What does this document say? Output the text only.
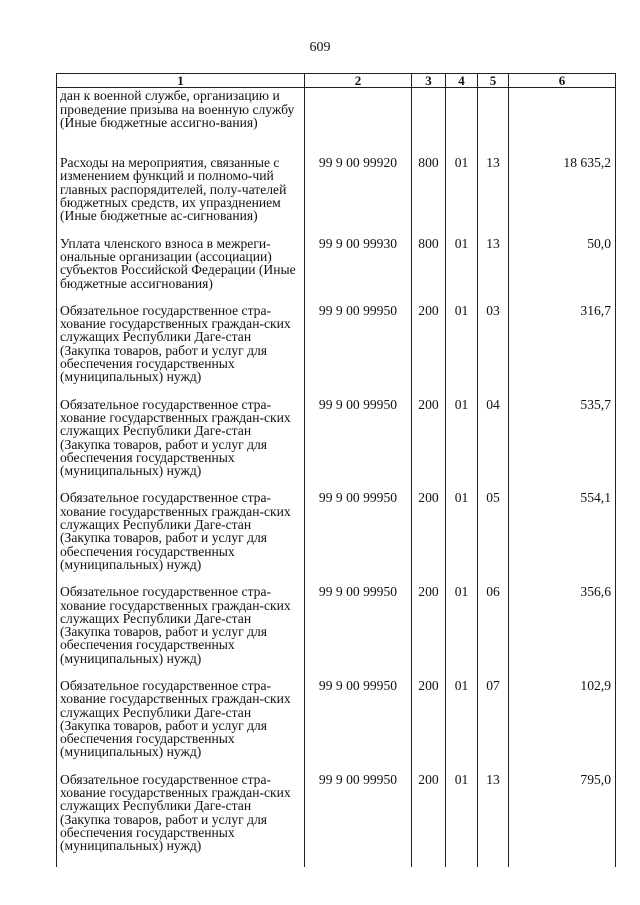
609
1	2	3	4	5	6
дан к военной службе, организацию и проведение призыва на военную службу (Иные бюджетные ассигно-вания)					
Расходы на мероприятия, связанные с изменением функций и полномо-чий главных распорядителей, полу-чателей бюджетных средств, их упразднением (Иные бюджетные ас-сигнования)	99 9 00 99920	800	01	13	18 635,2
Уплата членского взноса в межреги-ональные организации (ассоциации) субъектов Российской Федерации (Иные бюджетные ассигнования)	99 9 00 99930	800	01	13	50,0
Обязательное государственное стра-хование государственных граждан-ских служащих Республики Даге-стан (Закупка товаров, работ и услуг для обеспечения государственных (муниципальных) нужд)	99 9 00 99950	200	01	03	316,7
Обязательное государственное стра-хование государственных граждан-ских служащих Республики Даге-стан (Закупка товаров, работ и услуг для обеспечения государственных (муниципальных) нужд)	99 9 00 99950	200	01	04	535,7
Обязательное государственное стра-хование государственных граждан-ских служащих Республики Даге-стан (Закупка товаров, работ и услуг для обеспечения государственных (муниципальных) нужд)	99 9 00 99950	200	01	05	554,1
Обязательное государственное стра-хование государственных граждан-ских служащих Республики Даге-стан (Закупка товаров, работ и услуг для обеспечения государственных (муниципальных) нужд)	99 9 00 99950	200	01	06	356,6
Обязательное государственное стра-хование государственных граждан-ских служащих Республики Даге-стан (Закупка товаров, работ и услуг для обеспечения государственных (муниципальных) нужд)	99 9 00 99950	200	01	07	102,9
Обязательное государственное стра-хование государственных граждан-ских служащих Республики Даге-стан (Закупка товаров, работ и услуг для обеспечения государственных (муниципальных) нужд)	99 9 00 99950	200	01	13	795,0
